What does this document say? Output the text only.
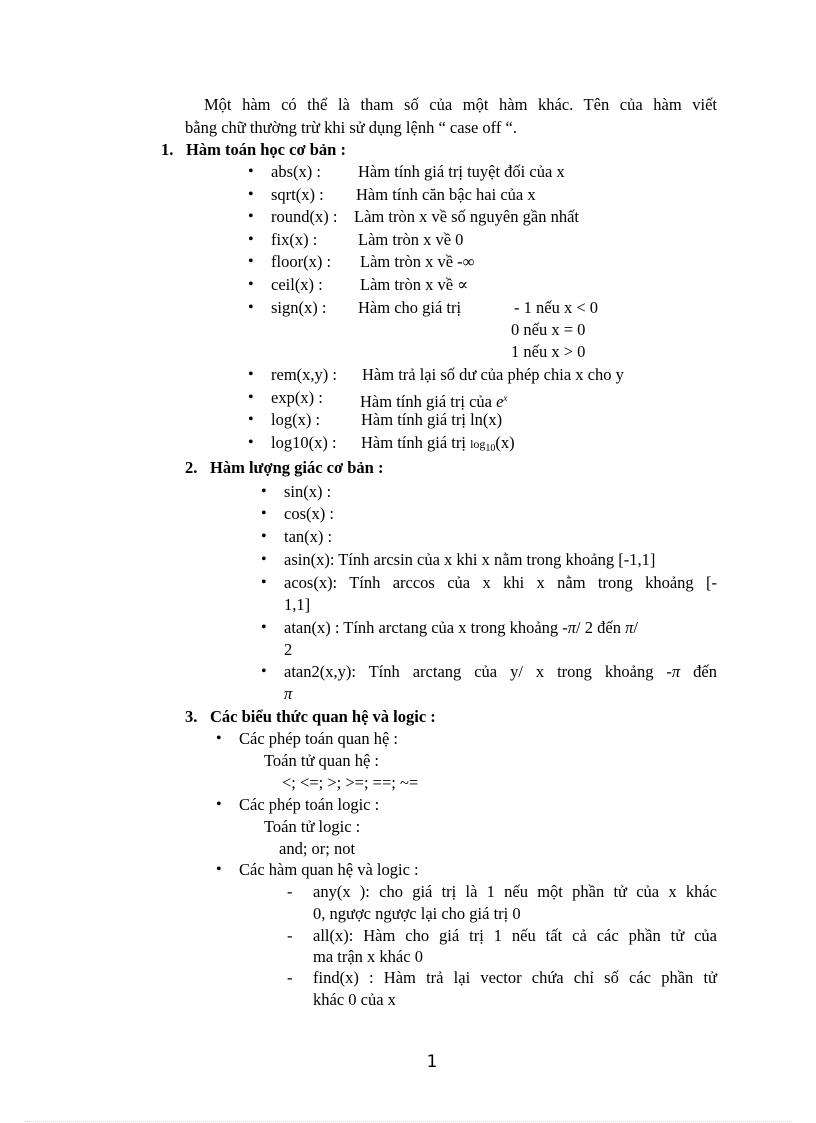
Một hàm có thể là tham số của một hàm khác. Tên của hàm viết
bằng chữ thường trừ khi sử dụng lệnh “ case off “.
1. Hàm toán học cơ bản :
• abs(x) : Hàm tính giá trị tuyệt đối của x
• sqrt(x) : Hàm tính căn bậc hai của x
• round(x) : Làm tròn x về số nguyên gần nhất
• fix(x) : Làm tròn x về 0
• floor(x) : Làm tròn x về -∞
• ceil(x) : Làm tròn x về ∝
• sign(x) : Hàm cho giá trị	- 1 nếu x < 0
0 nếu x = 0
1 nếu x > 0
• rem(x,y) : Hàm trả lại số dư của phép chia x cho y
• exp(x) : Hàm tính giá trị của $e^x$
• log(x) : Hàm tính giá trị ln(x)
• log10(x) : Hàm tính giá trị $\log_{10}(x)$
2. Hàm lượng giác cơ bản :
• sin(x) :
• cos(x) :
• tan(x) :
• asin(x): Tính arcsin của x khi x nằm trong khoảng [-1,1]
• acos(x): Tính arccos của x khi x nằm trong khoảng [-
1,1]
• atan(x) : Tính arctang của x trong khoảng -π/ 2 đến π/
2
• atan2(x,y): Tính arctang của y/ x trong khoảng -π đến
π
3. Các biểu thức quan hệ và logic :
• Các phép toán quan hệ :
Toán tử quan hệ :
<; <=; >; >=; ==; ~=
• Các phép toán logic :
Toán tử logic :
and; or; not
• Các hàm quan hệ và logic :
- any(x ): cho giá trị là 1 nếu một phần tử của x khác
0, ngược ngược lại cho giá trị 0
- all(x): Hàm cho giá trị 1 nếu tất cả các phần tử của
ma trận x khác 0
- find(x) : Hàm trả lại vector chứa chỉ số các phần tử
khác 0 của x
1
